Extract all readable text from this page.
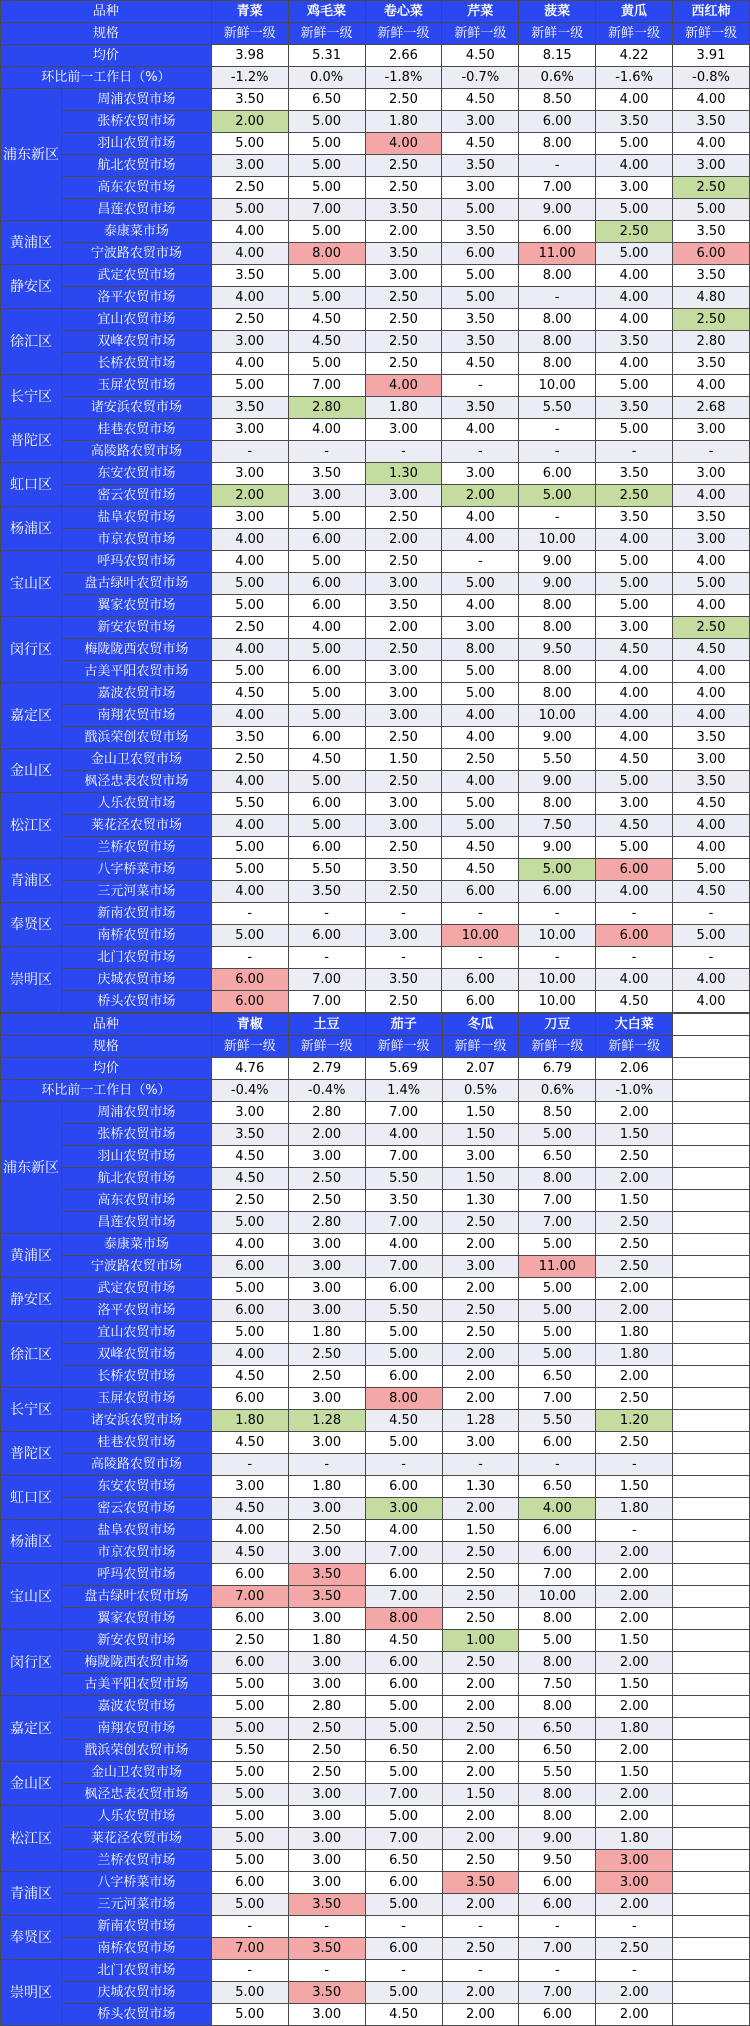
品种		青菜	鸡毛菜	卷心菜	芹菜	菠菜	黄瓜	西红柿
规格		新鲜一级	新鲜一级	新鲜一级	新鲜一级	新鲜一级	新鲜一级	新鲜一级
均价		3.98	5.31	2.66	4.50	8.15	4.22	3.91
环比前一工作日（%）		-1.2%	0.0%	-1.8%	-0.7%	0.6%	-1.6%	-0.8%
浦东新区	周浦农贸市场	3.50	6.50	2.50	4.50	8.50	4.00	4.00
	张桥农贸市场	2.00	5.00	1.80	3.00	6.00	3.50	3.50
	羽山农贸市场	5.00	5.00	4.00	4.50	8.00	5.00	4.00
	航北农贸市场	3.00	5.00	2.50	3.50	-	4.00	3.00
	高东农贸市场	2.50	5.00	2.50	3.00	7.00	3.00	2.50
	昌莲农贸市场	5.00	7.00	3.50	5.00	9.00	5.00	5.00
黄浦区	泰康菜市场	4.00	5.00	2.00	3.50	6.00	2.50	3.50
	宁波路农贸市场	4.00	8.00	3.50	6.00	11.00	5.00	6.00
静安区	武定农贸市场	3.50	5.00	3.00	5.00	8.00	4.00	3.50
	洛平农贸市场	4.00	5.00	2.50	5.00	-	4.00	4.80
徐汇区	宜山农贸市场	2.50	4.50	2.50	3.50	8.00	4.00	2.50
	双峰农贸市场	3.00	4.50	2.50	3.50	8.00	3.50	2.80
	长桥农贸市场	4.00	5.00	2.50	4.50	8.00	4.00	3.50
长宁区	玉屏农贸市场	5.00	7.00	4.00	-	10.00	5.00	4.00
	诸安浜农贸市场	3.50	2.80	1.80	3.50	5.50	3.50	2.68
普陀区	桂巷农贸市场	3.00	4.00	3.00	4.00	-	5.00	3.00
	高陵路农贸市场	-	-	-	-	-	-	-
虹口区	东安农贸市场	3.00	3.50	1.30	3.00	6.00	3.50	3.00
	密云农贸市场	2.00	3.00	3.00	2.00	5.00	2.50	4.00
杨浦区	盐阜农贸市场	3.00	5.00	2.50	4.00	-	3.50	3.50
	市京农贸市场	4.00	6.00	2.00	4.00	10.00	4.00	3.00
宝山区	呼玛农贸市场	4.00	5.00	2.50	-	9.00	5.00	4.00
	盘古绿叶农贸市场	5.00	6.00	3.00	5.00	9.00	5.00	5.00
	翼家农贸市场	5.00	6.00	3.50	4.00	8.00	5.00	4.00
闵行区	新安农贸市场	2.50	4.00	2.00	3.00	8.00	3.00	2.50
	梅陇陇西农贸市场	4.00	5.00	2.50	8.00	9.50	4.50	4.50
	古美平阳农贸市场	5.00	6.00	3.00	5.00	8.00	4.00	4.00
嘉定区	嘉波农贸市场	4.50	5.00	3.00	5.00	8.00	4.00	4.00
	南翔农贸市场	4.00	5.00	3.00	4.00	10.00	4.00	4.00
	戬浜荣创农贸市场	3.50	6.00	2.50	4.00	9.00	4.00	3.50
金山区	金山卫农贸市场	2.50	4.50	1.50	2.50	5.50	4.50	3.00
	枫泾忠表农贸市场	4.00	5.00	2.50	4.00	9.00	5.00	3.50
松江区	人乐农贸市场	5.50	6.00	3.00	5.00	8.00	3.00	4.50
	莱花泾农贸市场	4.00	5.00	3.00	5.00	7.50	4.50	4.00
	兰桥农贸市场	5.00	6.00	2.50	4.50	9.00	5.00	4.00
青浦区	八字桥菜市场	5.00	5.50	3.50	4.50	5.00	6.00	5.00
	三元河菜市场	4.00	3.50	2.50	6.00	6.00	4.00	4.50
奉贤区	新南农贸市场	-	-	-	-	-	-	-
	南桥农贸市场	5.00	6.00	3.00	10.00	10.00	6.00	5.00
崇明区	北门农贸市场	-	-	-	-	-	-	-
	庆城农贸市场	6.00	7.00	3.50	6.00	10.00	4.00	4.00
	桥头农贸市场	6.00	7.00	2.50	6.00	10.00	4.50	4.00
品种		青椒	土豆	茄子	冬瓜	刀豆	大白菜	
规格		新鲜一级	新鲜一级	新鲜一级	新鲜一级	新鲜一级	新鲜一级	
均价		4.76	2.79	5.69	2.07	6.79	2.06	
环比前一工作日（%）		-0.4%	-0.4%	1.4%	0.5%	0.6%	-1.0%	
浦东新区	周浦农贸市场	3.00	2.80	7.00	1.50	8.50	2.00	
	张桥农贸市场	3.50	2.00	4.00	1.50	5.00	1.50	
	羽山农贸市场	4.50	3.00	7.00	3.00	6.50	2.50	
	航北农贸市场	4.50	2.50	5.50	1.50	8.00	2.00	
	高东农贸市场	2.50	2.50	3.50	1.30	7.00	1.50	
	昌莲农贸市场	5.00	2.80	7.00	2.50	7.00	2.50	
黄浦区	泰康菜市场	4.00	3.00	4.00	2.00	5.00	2.50	
	宁波路农贸市场	6.00	3.00	7.00	3.00	11.00	2.50	
静安区	武定农贸市场	5.00	3.00	6.00	2.00	5.00	2.00	
	洛平农贸市场	6.00	3.00	5.50	2.50	5.00	2.00	
徐汇区	宜山农贸市场	5.00	1.80	5.00	2.50	5.00	1.80	
	双峰农贸市场	4.00	2.50	5.00	2.00	5.00	1.80	
	长桥农贸市场	4.50	2.50	6.00	2.00	6.50	2.00	
长宁区	玉屏农贸市场	6.00	3.00	8.00	2.00	7.00	2.50	
	诸安浜农贸市场	1.80	1.28	4.50	1.28	5.50	1.20	
普陀区	桂巷农贸市场	4.50	3.00	5.00	3.00	6.00	2.50	
	高陵路农贸市场	-	-	-	-	-	-	
虹口区	东安农贸市场	3.00	1.80	6.00	1.30	6.50	1.50	
	密云农贸市场	4.50	3.00	3.00	2.00	4.00	1.80	
杨浦区	盐阜农贸市场	4.00	2.50	4.00	1.50	6.00	-	
	市京农贸市场	4.50	3.00	7.00	2.50	6.00	2.00	
宝山区	呼玛农贸市场	6.00	3.50	6.00	2.50	7.00	2.00	
	盘古绿叶农贸市场	7.00	3.50	7.00	2.50	10.00	2.00	
	翼家农贸市场	6.00	3.00	8.00	2.50	8.00	2.00	
闵行区	新安农贸市场	2.50	1.80	4.50	1.00	5.00	1.50	
	梅陇陇西农贸市场	6.00	3.00	6.00	2.50	8.00	2.00	
	古美平阳农贸市场	5.00	3.00	6.00	2.00	7.50	1.50	
嘉定区	嘉波农贸市场	5.00	2.80	5.00	2.00	8.00	2.00	
	南翔农贸市场	5.00	2.50	5.00	2.50	6.50	1.80	
	戬浜荣创农贸市场	5.50	2.50	6.50	2.00	6.50	2.00	
金山区	金山卫农贸市场	5.00	2.50	5.00	2.00	5.50	1.50	
	枫泾忠表农贸市场	5.00	3.00	7.00	1.50	8.00	2.00	
松江区	人乐农贸市场	5.00	3.00	5.00	2.00	8.00	2.00	
	莱花泾农贸市场	5.00	3.00	7.00	2.00	9.00	1.80	
	兰桥农贸市场	5.00	3.00	6.50	2.50	9.50	3.00	
青浦区	八字桥菜市场	6.00	3.00	6.00	3.50	6.00	3.00	
	三元河菜市场	5.00	3.50	5.00	2.00	6.00	2.00	
奉贤区	新南农贸市场	-	-	-	-	-	-	
	南桥农贸市场	7.00	3.50	6.00	2.50	7.00	2.50	
崇明区	北门农贸市场	-	-	-	-	-	-	
	庆城农贸市场	5.00	3.50	5.00	2.00	7.00	2.00	
	桥头农贸市场	5.00	3.00	4.50	2.00	6.00	2.00	
